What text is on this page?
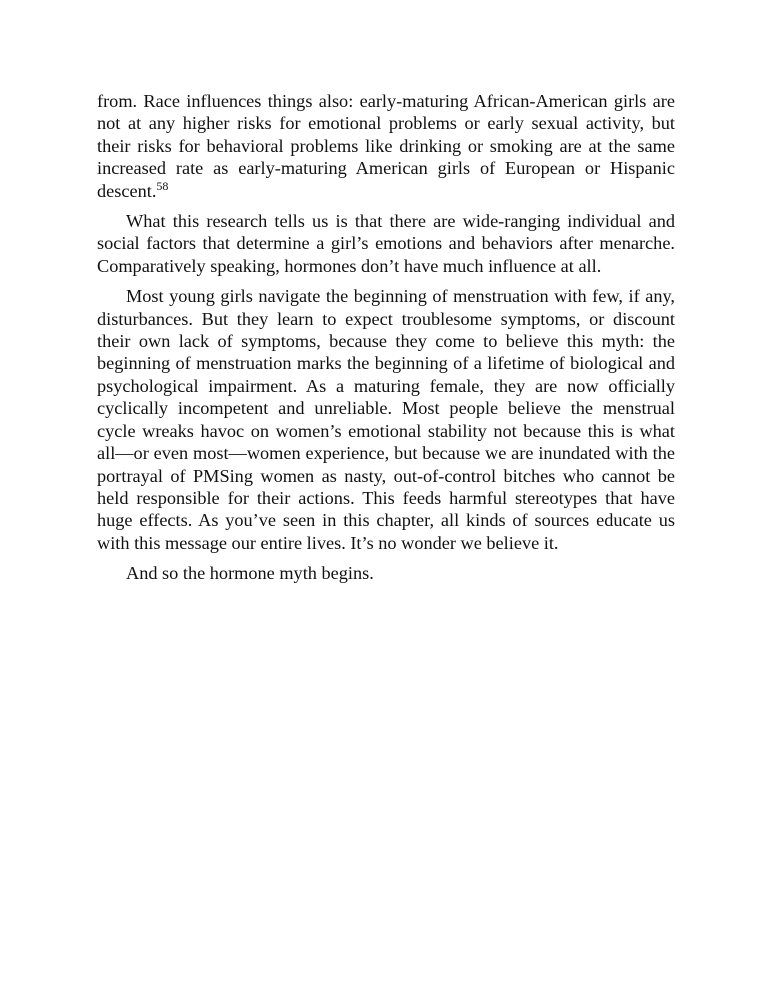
from. Race influences things also: early-maturing African-American girls are not at any higher risks for emotional problems or early sexual activity, but their risks for behavioral problems like drinking or smoking are at the same increased rate as early-maturing American girls of European or Hispanic descent.$^{58}$

What this research tells us is that there are wide-ranging individual and social factors that determine a girl’s emotions and behaviors after menarche. Comparatively speaking, hormones don’t have much influence at all.

Most young girls navigate the beginning of menstruation with few, if any, disturbances. But they learn to expect troublesome symptoms, or discount their own lack of symptoms, because they come to believe this myth: the beginning of menstruation marks the beginning of a lifetime of biological and psychological impairment. As a maturing female, they are now officially cyclically incompetent and unreliable. Most people believe the menstrual cycle wreaks havoc on women’s emotional stability not because this is what all—or even most—women experience, but because we are inundated with the portrayal of PMSing women as nasty, out-of-control bitches who cannot be held responsible for their actions. This feeds harmful stereotypes that have huge effects. As you’ve seen in this chapter, all kinds of sources educate us with this message our entire lives. It’s no wonder we believe it.

And so the hormone myth begins.
